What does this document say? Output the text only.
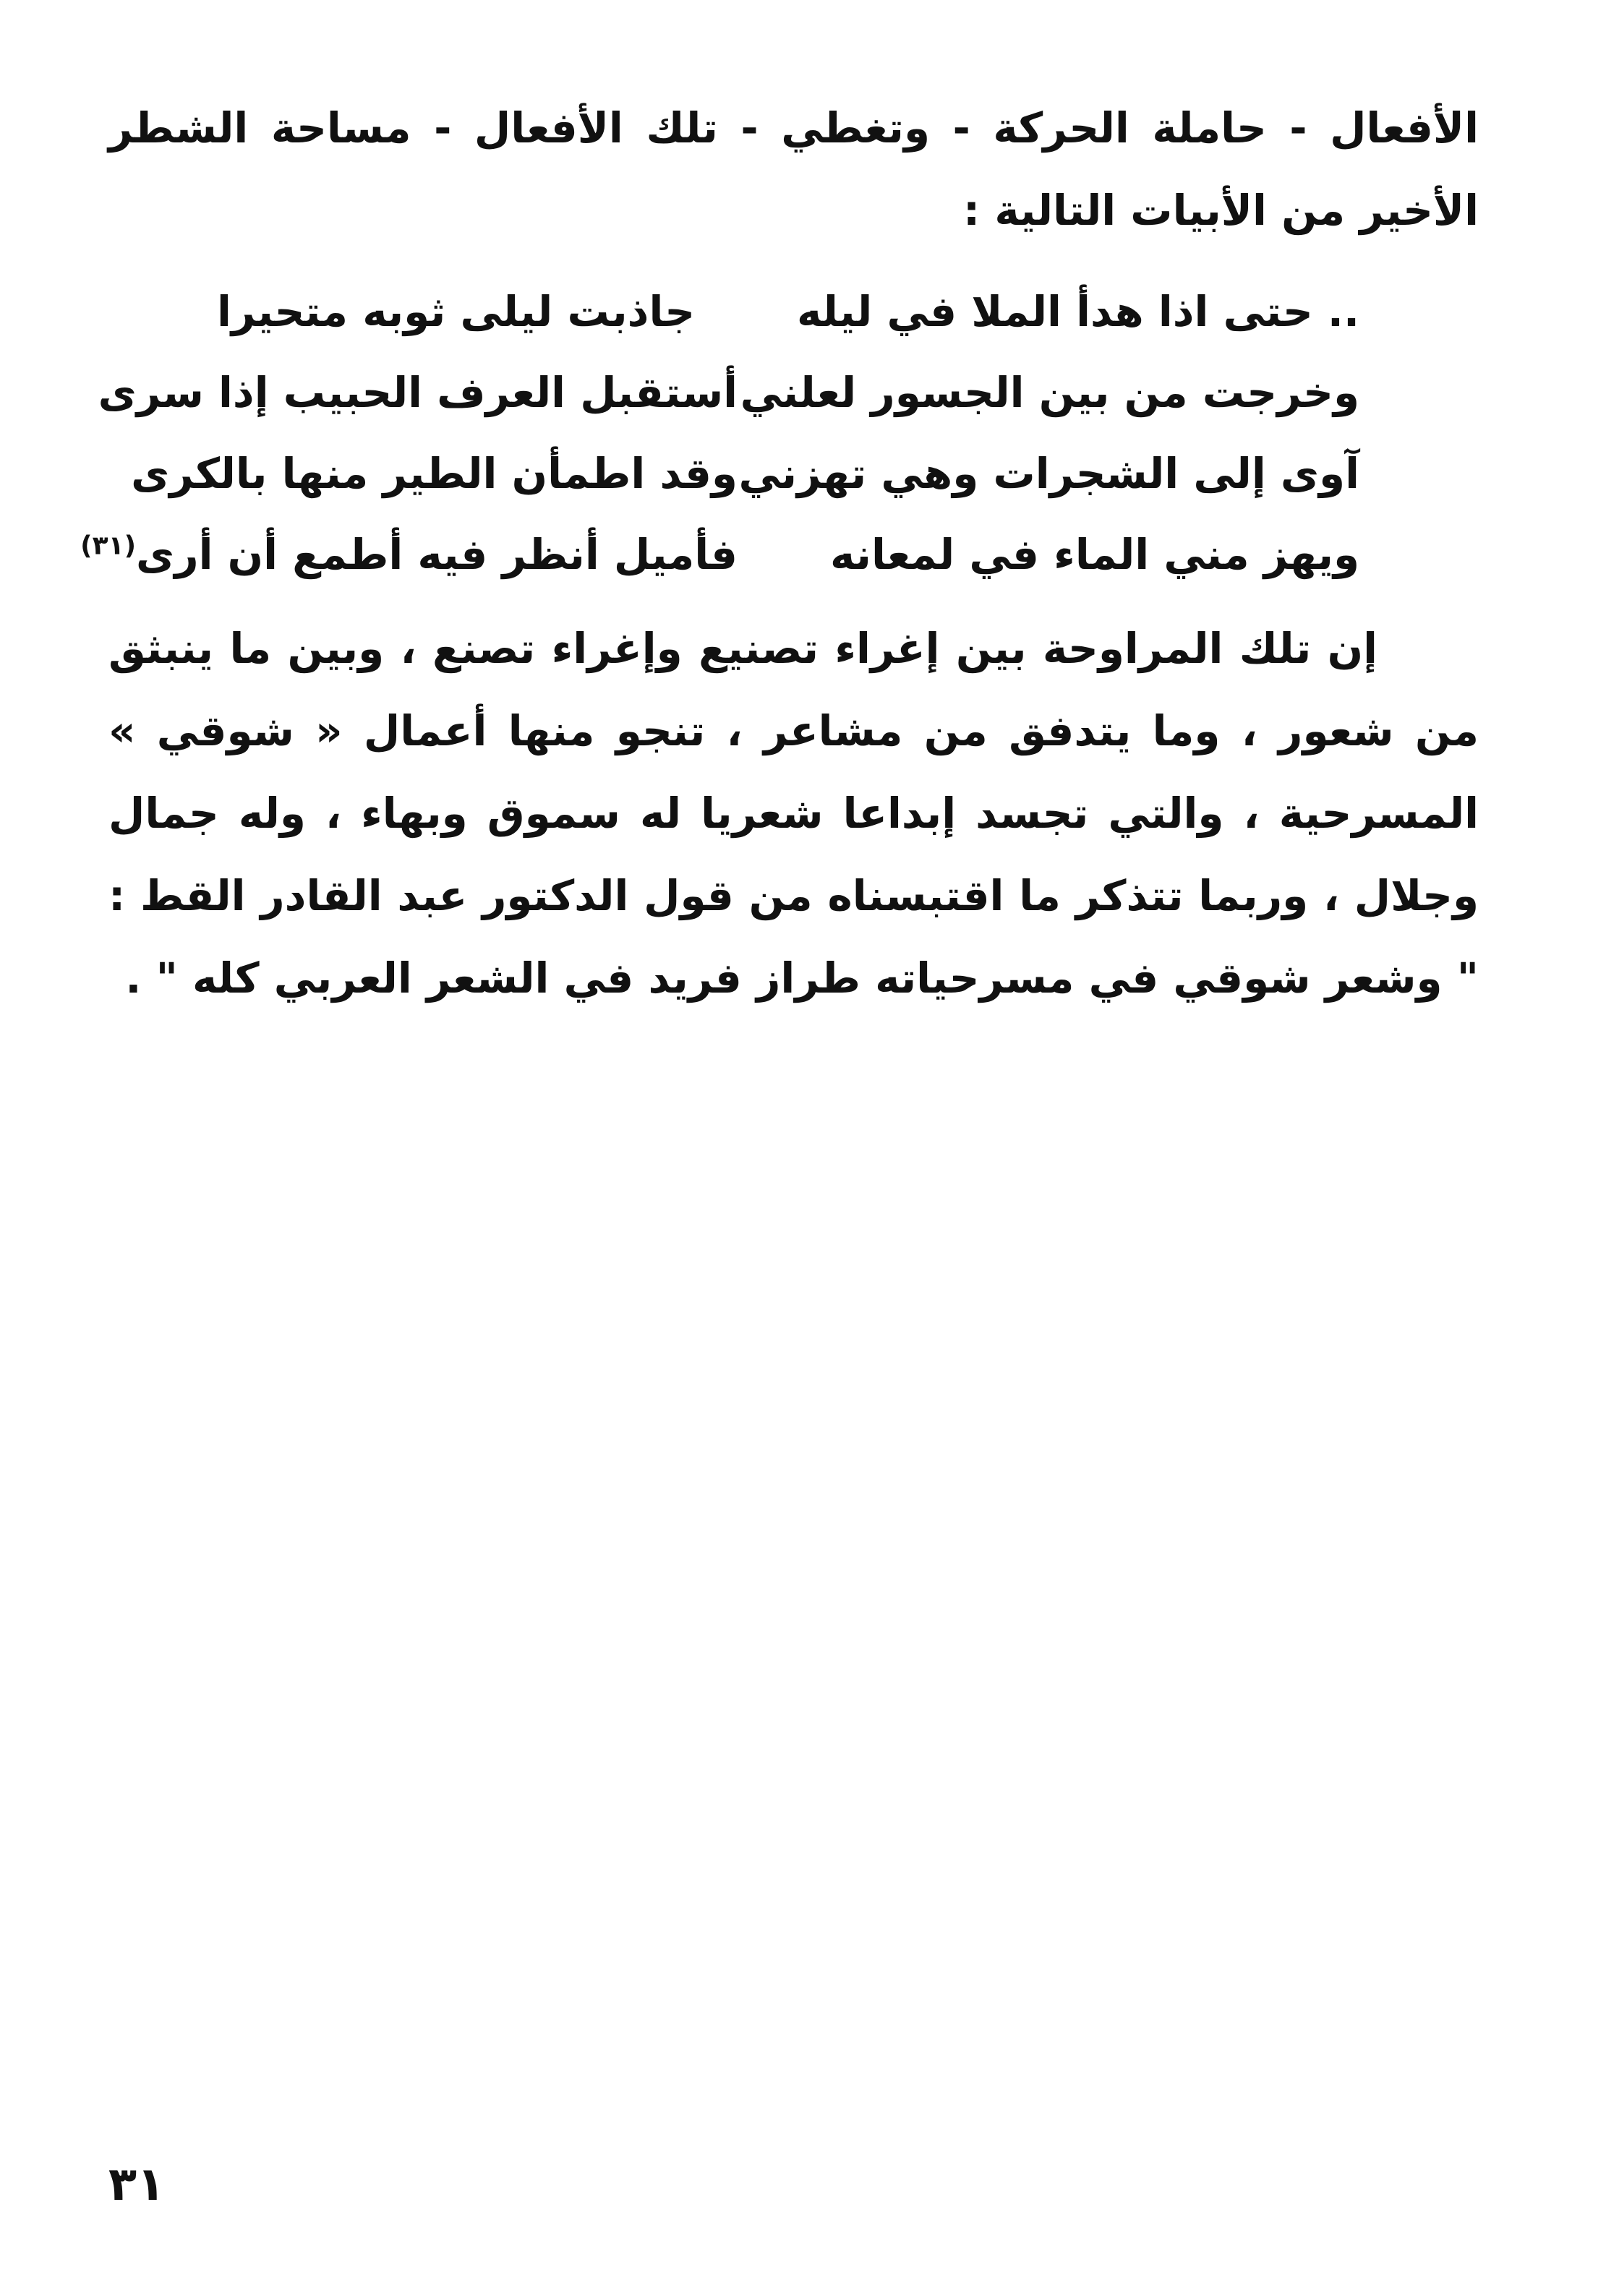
الأفعال - حاملة الحركة - وتغطي - تلك الأفعال - مساحة الشطر الأخير من الأبيات التالية :

.. حتى اذا هدأ الملا في ليله
جاذبت ليلى ثوبه متحيرا
وخرجت من بين الجسور لعلني
أستقبل العرف الحبيب إذا سرى
آوى إلى الشجرات وهي تهزني
وقد اطمأن الطير منها بالكرى
ويهز مني الماء في لمعانه
فأميل أنظر فيه أطمع أن أرى$^{(٣١)}$

إن تلك المراوحة بين إغراء تصنيع وإغراء تصنع ، وبين ما ينبثق من شعور ، وما يتدفق من مشاعر ، تنجو منها أعمال « شوقي » المسرحية ، والتي تجسد إبداعا شعريا له سموق وبهاء ، وله جمال وجلال ، وربما تتذكر ما اقتبسناه من قول الدكتور عبد القادر القط : " وشعر شوقي في مسرحياته طراز فريد في الشعر العربي كله " .

٣١
